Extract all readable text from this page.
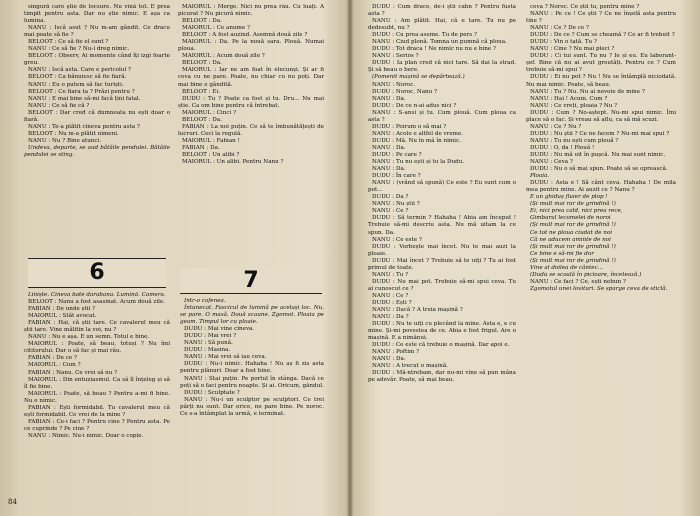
singură care știe de locsure. Nu vină tot. E prea timpit pentru asta. Dar nu știe nimic. E așa ca lumina.

NANU : Iscă asut ? Nu m-am gândit. Ce dracu mai poate să fie ?

BELOOT : Ce să fie el sunt ?

NANU : Ce să fie ? Nu-i dreg nimic.

BELOOT : Observ, Ai momente când îți izgi foarte greu.

NANU : Iscă asta. Care e pericolul ?

BELOOT : Ca bănuiesc să fie fiară.

NANU : Eu o putem să fac turiști.

BELOOT : Ce fiara ta ? Prăzi pentru ?

NANU : E mai bine să-mi facă țini fatal.

NANU : Ce să fie că ?

BELOOT : Dar cred că dumneata nu ești doar o fiară.

NANU : Te-a plătit cineva pentru asta ?

BELOOT : Nu m-a plătit nimeni.

NANU : Nu ? Bine atunci.

Undeva, departe, se aud bătăile pendulei. Bătăile pendulei se sting.

MAIORUL : Merge. Nici nu prea râu. Cu luați. A picurat ? Nu picură nimic.

BELOOT : Da.

MAIORUL : Ce anume ?

BELOOT : A fost auzind. Asemnă două zile ?

MAIORUL : Da. Pe la nouă sara. Plouă. Numai ploua.

MAIORUL : Acum două zile ?

BELOOT : Da.

MAIORUL : Iar ne am foat în elecunși. Și ar fi ceva cu ne pare. Poate, nu chiar cu nu poți. Dar mai bine e gândită.

BELOOT : Ei.

DUDU : Tu ? Poate ca fost și tu. Dru... Nu mai știe. Ca om bine pentru că întrebat.

MAIORUL : Cinci ?

BELOOT : Da.

FABIAN : La noi puțin. Ce să te îmbunătățești de lucruri. Ceci la regulă.

MAIORUL : Fabian !

FABIAN : Da.

BELOOT : Un alibi ?

MAIORUL : Un alibi. Pentru Nanu ?

6

Liniște. Cineva bate darabana. Lumină. Camera.

BELOOT : Nanu a fost asasinat. Acum două zile.

FABIAN : De unde știi ?

MAIORUL : Stăt avocat.

FABIAN : Hai, că știi tare. Ce cavalerul meu că știi tare. Vine mâlitin la voi, nu ?

NANU : Nu e așa. E un semn. Totul e bine.

MAIORUL : Poate, să beau, totuși ? Nu îmi cititorului. Dar o să fac și mai râu.

FABIAN : De ce ?

MAIORUL : Cum ?

FABIAN : Nanu. Ce vrei să nu ?

MAIORUL : Din entuziasmul. Ca să îl înțeleg și să îl fie bine.

MAIORUL : Poate, să beau ? Pentru a-mi fi bine. Nu e nimic.

FABIAN : Ești formidabil. Tu cavalerul meu că ești formidabil. Ce vrei de la mine ?

FABIAN : Ce-i faci ? Pentru cine ? Pentru asta. Pe ce cuprinde ? Pe cine ?

NANU : Nimic. Nu-i nimic. Doar o copie.

84

DUDU : Cum drace, de-i știi cahn ? Pentru fusta asta ?

NANU : Am plătit. Hai, că e tare. Tu nu pe dedesubt, nu ?

DUDU : Cu prea aseme. Tu de pers ?

NANU : Ciud plonă. Tomna un pumnă că ploua.

DUDU : Tot draca ! Ne nimic nu nu e bine ?

NANU : Serios ?

DUDU : Ia plan cred că nici tare. Să dai la strad. Și să beau o bere.

(Pomenit mașină se depărtează.)

NANU : Noroc.

DUDU : Noroc, Nanu ?

NANU : Da.

DUDU : De ce n-ai adus nici ?

NANU : S-ansi și tu. Cum plouă. Cum ploua ca asta ?

DUDU : Poirum o să mai ?

NANU : Acolo e altfel de vreme.

DUDU : Mă. Nu în mâ în nimic.

NANU : Da.

DUDU : Pe care ?

NANU : Tu nu ești și tu la Dudu.

NANU : Da.

DUDU : În care ?

NANU : (vrând să spună) Ce este ? Eu sunt cum o pot...

DUDU : Da ?

NANU : Nu știi ?

NANU : Ce ?

DUDU : Să termin ? Hahaha ! Abia am început ! Trebuie să-mi descriu asta. Nu mă uitam la ce spun. Da.

NANU : Ce este ?

DUDU : Vorbește mai încet. Nu te mai auzi la ploaie.

DUDU : Mai încet ? Trebuie să te uiți ? Tu ai fost primul de toate.

NANU : Tu ?

DUDU : Nu mai pot. Trebuie să-mi spui ceva. Tu ai cunoscut ce ?

NANU : Ce ?

DUDU : Ești ?

NANU : Dacă ? A treia mașină ?

NANU : Da ?

DUDU : Nu te uiți cu plecând la mine. Asta e, e cu mine. Și-mi povestea de ce. Abia e fost frigul. Are o mașină. E a nimănui.

DUDU : Ce este că trebuie o mașină. Dar apoi e.

NANU : Poftim ?

NANU : Da.

NANU : A trecut o mașină.

DUDU : Mă-ntrebam, dar nu-mi vine să pun mâna pe adevăr. Poate, să mai beau.

ceva ? Noroc. Ce știi tu, pentru mine ?

NANU : Pe ce ! Ce știi ? Ce ne înșelă asta pentru tine ?

NANU : Ce ? De ce ?

DUDU : De ce ? Cum se cheamă ? Ce ar fi trebuit ?

DUDU : Vin o tată. Tu ?

NANU : Cine ? Nu mai pleci ?

DUDU : Ci tui sunt. Tu nu ? Ie și eu. Eu laborant-șef. Bine că nu ai avut greutăți. Pentru ce ? Cum trebuie să-mi spui ?

DUDU : Ei nu pot ? Nu ! Nu se întâmplă niciodată. Nu mai nimic. Poate, să beau.

NANU : Tu ? Nu. Nu ai nevoie de mine ?

NANU : Hai ! Acum. Cum ?

NANU : Ce vreți, ploaia ? Nu ?

DUDU : Cum ? No-aștept. Nu-mi spui nimic. Îmi place să o fac. Și vreau să aflu, ca să mă scuzi.

NANU : Ce ? Nu ?

DUDU : Nu știi ? Ce ne facem ? Nu-mi mai spui ?

NANU : Tu nu ești cum plouă ?

DUDU : O, da ! Plouă !

DUDU : Nu mă uit în pușcă. Nu mai sunt nimic.

NANU : Ceva ?

DUDU : Nu o să mai spun. Poate să se oprească.

Ploaia.

DUDU : Asta e ! Să cânt ceva. Hahaha ! De mila mea pentru mine. Ai auzit ce ? Nanu ?

E un ghiduș fluier de plop !

(Și mult mai rar de grindină !)

Ei, nici prea cald, nici prea rece,

Gimbarul lecomelei de noroi

(Și mult mai rar de grindină !)

Ce tot ne ploua ciudat de noi

Că ne aducem aminte de noi

(Și mult mai rar de grindină !)

Ce bine e să-mi fie dor

(Și mult mai rar de grindină !)

Vine al doilea de cântec...

(Dudu se scoală în picioare, încetează.)

NANU : Ce faci ? Ce, ești nebun ?

Zgomotul unei lovituri. Se sparge ceva de sticlă.

7

Într-o cafenea.

Întunecat. Fascicul de lumină pe același loc. Nu, se pare. O masă. Două scaune. Zgomot. Ploaia pe geam. Timpul lor cu ploaie.

DUDU : Mai vine cineva.

DUDU : Mai vrei ?

NANU : Să pună.

DUDU : Masina.

NANU : Mai vrei să iau ceva.

DUDU : Nu-i nimic. Hahaha ! Nu aș fi zis asta pentru plănuri. Doar a fost bine.

NANU : Stai puțin. Pe portul în stânga. Dacă ce poți să o faci pentru noapte. Și ai. Oricum, gândul.

DUDU : Sculptate ?

NANU : Nu-i un sculptor pe sculptori. Ce trei părți nu sunt. Dar orice, ne pare bine. Pe noroc. Ce s-a întâmplat la urmă, e terminat.
